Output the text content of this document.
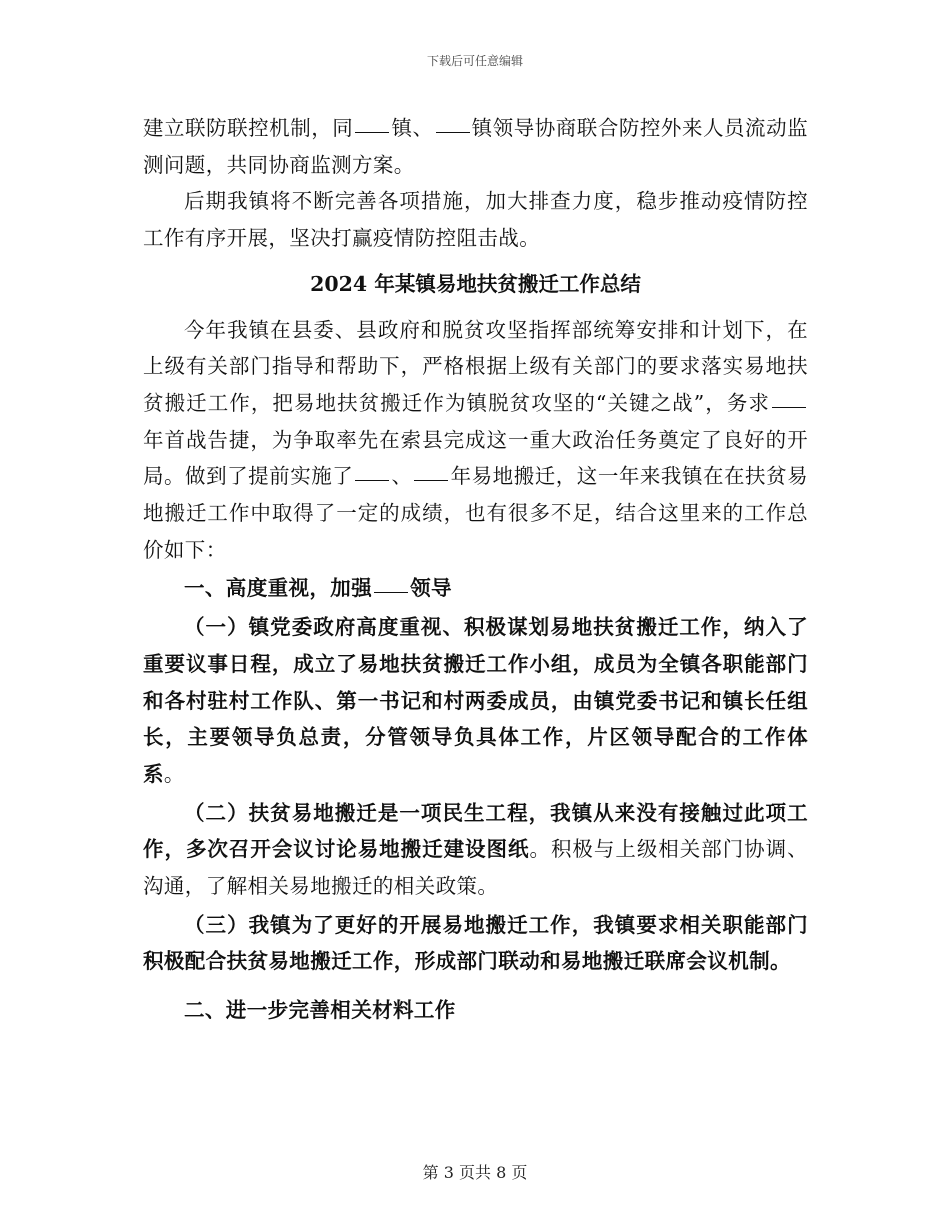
下载后可任意编辑

建立联防联控机制，同 镇、 镇领导协商联合防控外来人员流动监测问题，共同协商监测方案。

后期我镇将不断完善各项措施，加大排查力度，稳步推动疫情防控工作有序开展，坚决打赢疫情防控阻击战。

2024 年某镇易地扶贫搬迁工作总结

今年我镇在县委、县政府和脱贫攻坚指挥部统筹安排和计划下，在上级有关部门指导和帮助下，严格根据上级有关部门的要求落实易地扶贫搬迁工作，把易地扶贫搬迁作为镇脱贫攻坚的“关键之战”，务求年首战告捷，为争取率先在索县完成这一重大政治任务奠定了良好的开局。做到了提前实施了 、 年易地搬迁，这一年来我镇在在扶贫易地搬迁工作中取得了一定的成绩，也有很多不足，结合这里来的工作总价如下：

一、高度重视，加强 领导

（一）镇党委政府高度重视、积极谋划易地扶贫搬迁工作，纳入了重要议事日程，成立了易地扶贫搬迁工作小组，成员为全镇各职能部门和各村驻村工作队、第一书记和村两委成员，由镇党委书记和镇长任组长，主要领导负总责，分管领导负具体工作，片区领导配合的工作体系。

（二）扶贫易地搬迁是一项民生工程，我镇从来没有接触过此项工作，多次召开会议讨论易地搬迁建设图纸。积极与上级相关部门协调、沟通，了解相关易地搬迁的相关政策。

（三）我镇为了更好的开展易地搬迁工作，我镇要求相关职能部门积极配合扶贫易地搬迁工作，形成部门联动和易地搬迁联席会议机制。

二、进一步完善相关材料工作

第 3 页共 8 页
